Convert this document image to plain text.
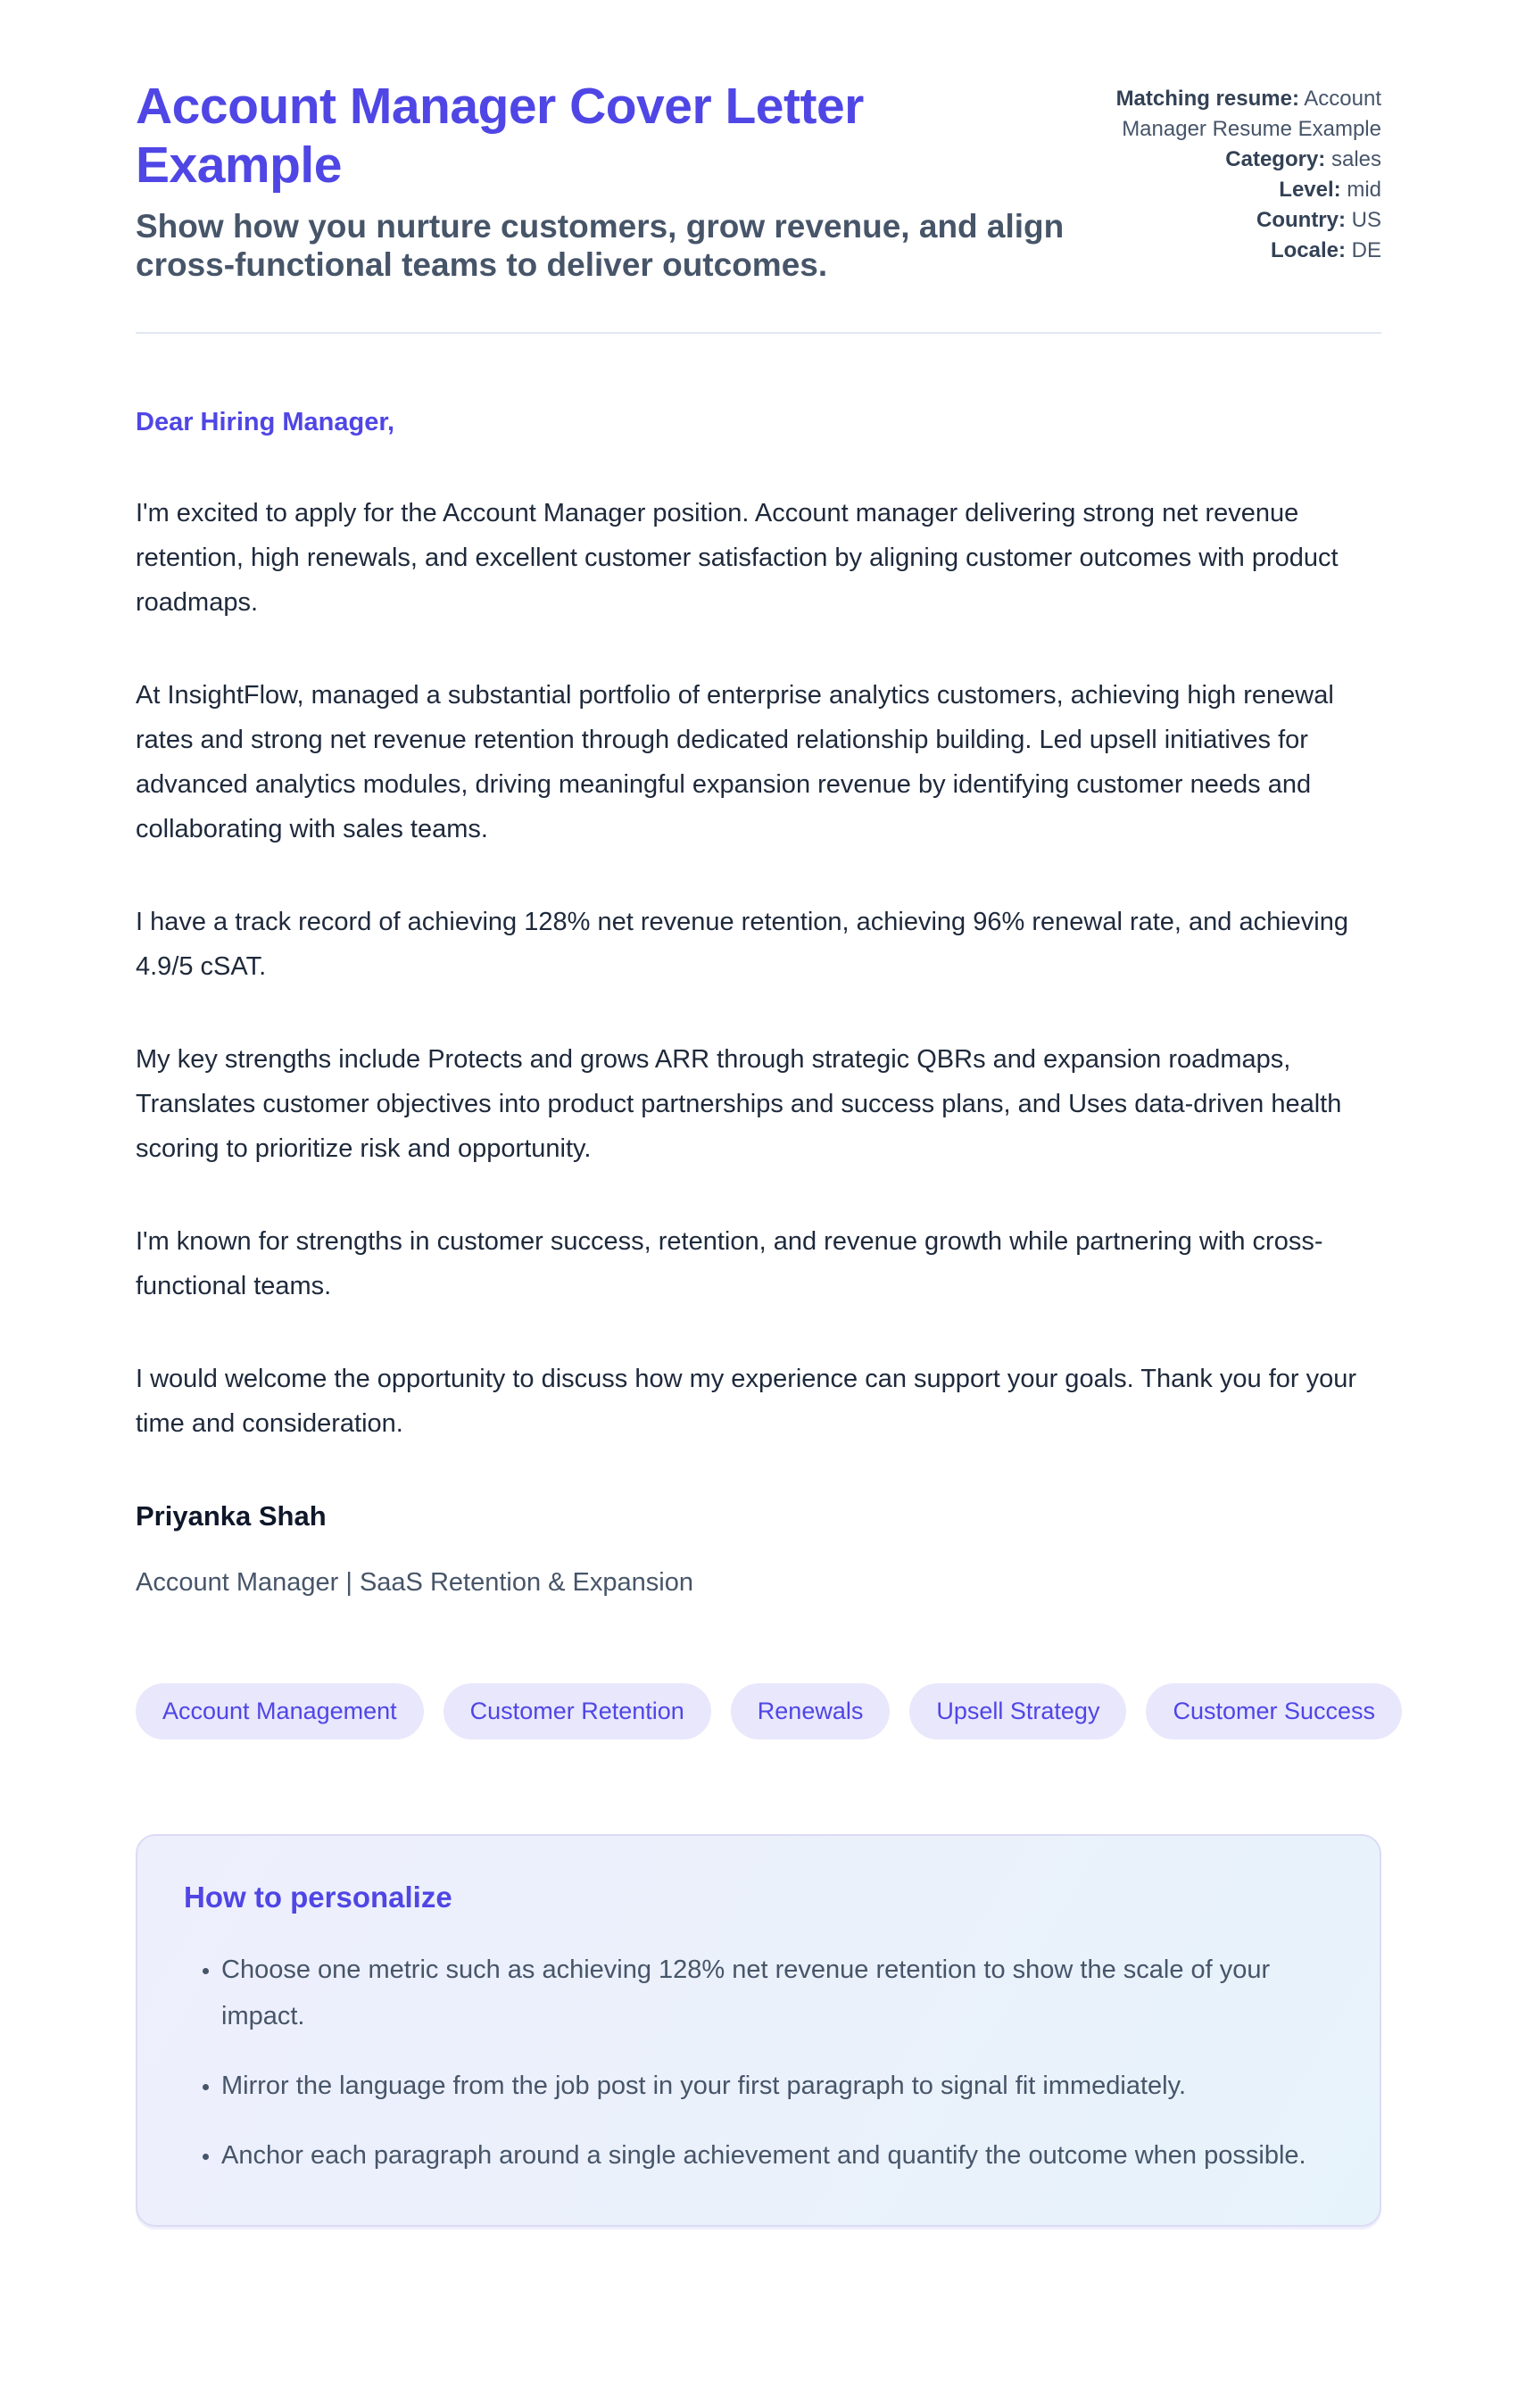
Account Manager Cover Letter Example

Show how you nurture customers, grow revenue, and align cross-functional teams to deliver outcomes.

Matching resume: Account Manager Resume Example
Category: sales
Level: mid
Country: US
Locale: DE

Dear Hiring Manager,

I'm excited to apply for the Account Manager position. Account manager delivering strong net revenue retention, high renewals, and excellent customer satisfaction by aligning customer outcomes with product roadmaps.

At InsightFlow, managed a substantial portfolio of enterprise analytics customers, achieving high renewal rates and strong net revenue retention through dedicated relationship building. Led upsell initiatives for advanced analytics modules, driving meaningful expansion revenue by identifying customer needs and collaborating with sales teams.

I have a track record of achieving 128% net revenue retention, achieving 96% renewal rate, and achieving 4.9/5 cSAT.

My key strengths include Protects and grows ARR through strategic QBRs and expansion roadmaps, Translates customer objectives into product partnerships and success plans, and Uses data-driven health scoring to prioritize risk and opportunity.

I'm known for strengths in customer success, retention, and revenue growth while partnering with cross-functional teams.

I would welcome the opportunity to discuss how my experience can support your goals. Thank you for your time and consideration.

Priyanka Shah

Account Manager | SaaS Retention & Expansion

Account Management	Customer Retention	Renewals	Upsell Strategy	Customer Success
How to personalize
• Choose one metric such as achieving 128% net revenue retention to show the scale of your impact.
• Mirror the language from the job post in your first paragraph to signal fit immediately.
• Anchor each paragraph around a single achievement and quantify the outcome when possible.
